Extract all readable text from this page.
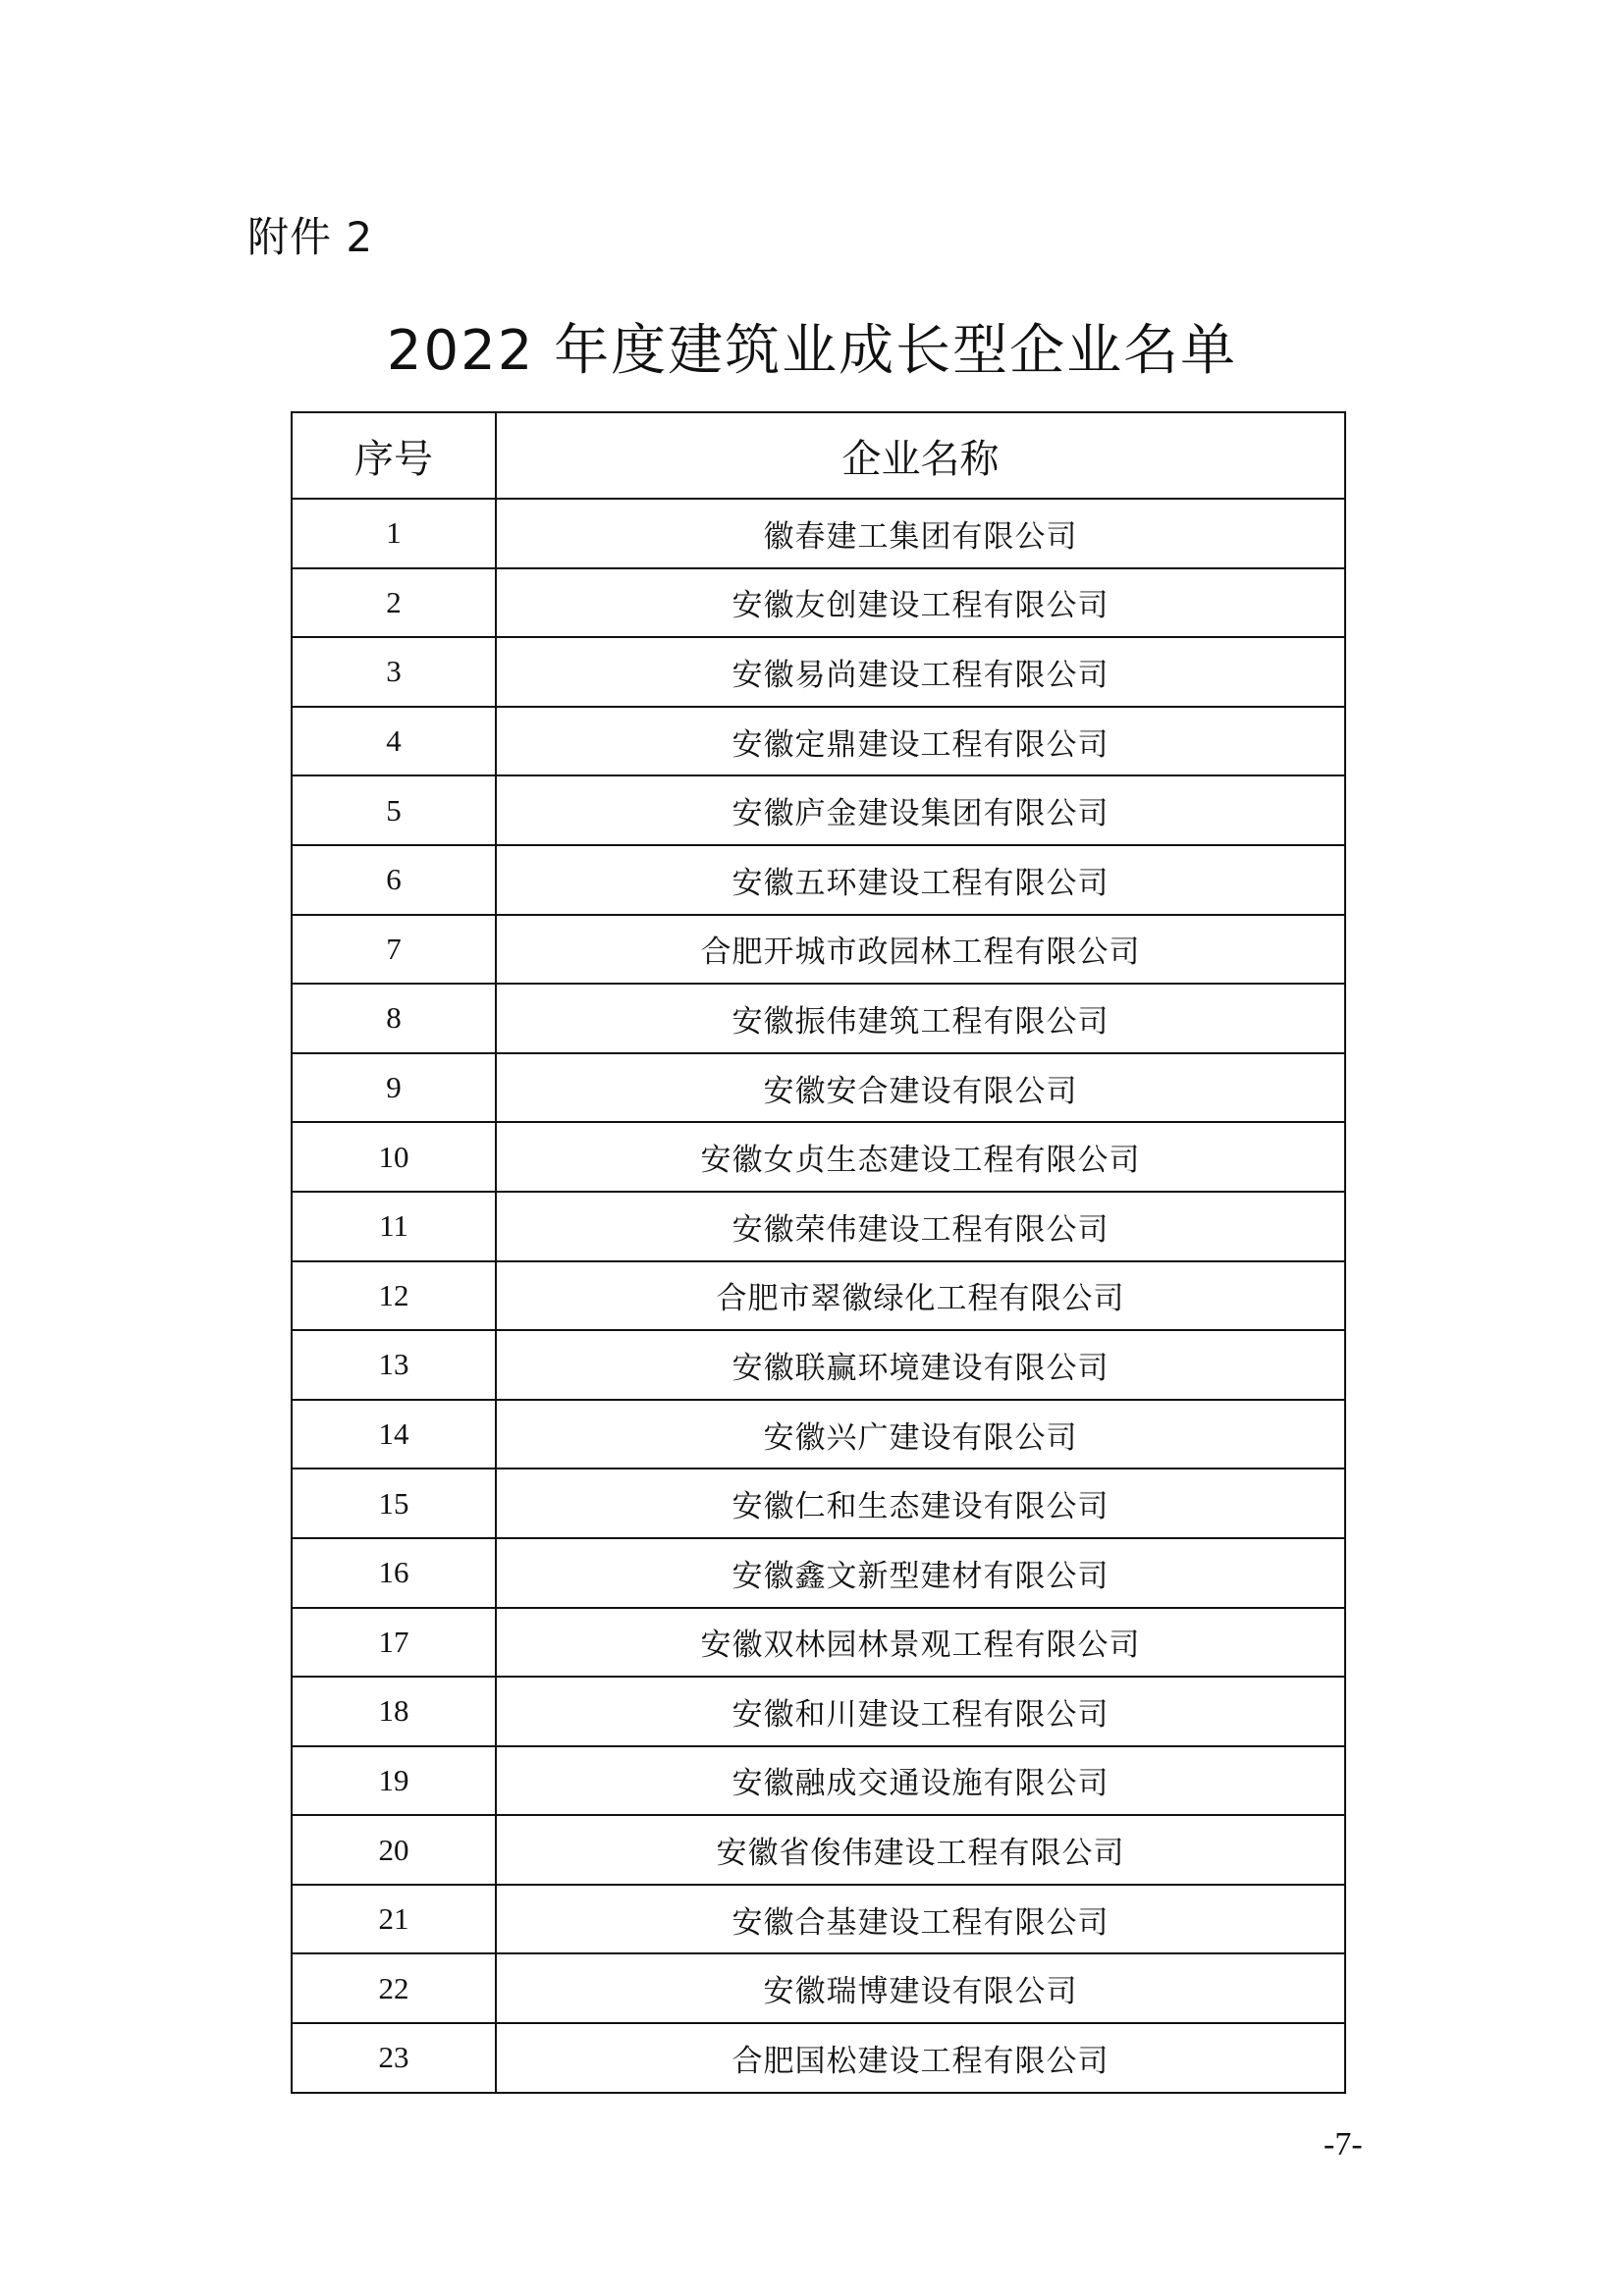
附件 2
2022 年度建筑业成长型企业名单
序号	企业名称
1	徽春建工集团有限公司
2	安徽友创建设工程有限公司
3	安徽易尚建设工程有限公司
4	安徽定鼎建设工程有限公司
5	安徽庐金建设集团有限公司
6	安徽五环建设工程有限公司
7	合肥开城市政园林工程有限公司
8	安徽振伟建筑工程有限公司
9	安徽安合建设有限公司
10	安徽女贞生态建设工程有限公司
11	安徽荣伟建设工程有限公司
12	合肥市翠徽绿化工程有限公司
13	安徽联赢环境建设有限公司
14	安徽兴广建设有限公司
15	安徽仁和生态建设有限公司
16	安徽鑫文新型建材有限公司
17	安徽双林园林景观工程有限公司
18	安徽和川建设工程有限公司
19	安徽融成交通设施有限公司
20	安徽省俊伟建设工程有限公司
21	安徽合基建设工程有限公司
22	安徽瑞博建设有限公司
23	合肥国松建设工程有限公司
-7-
